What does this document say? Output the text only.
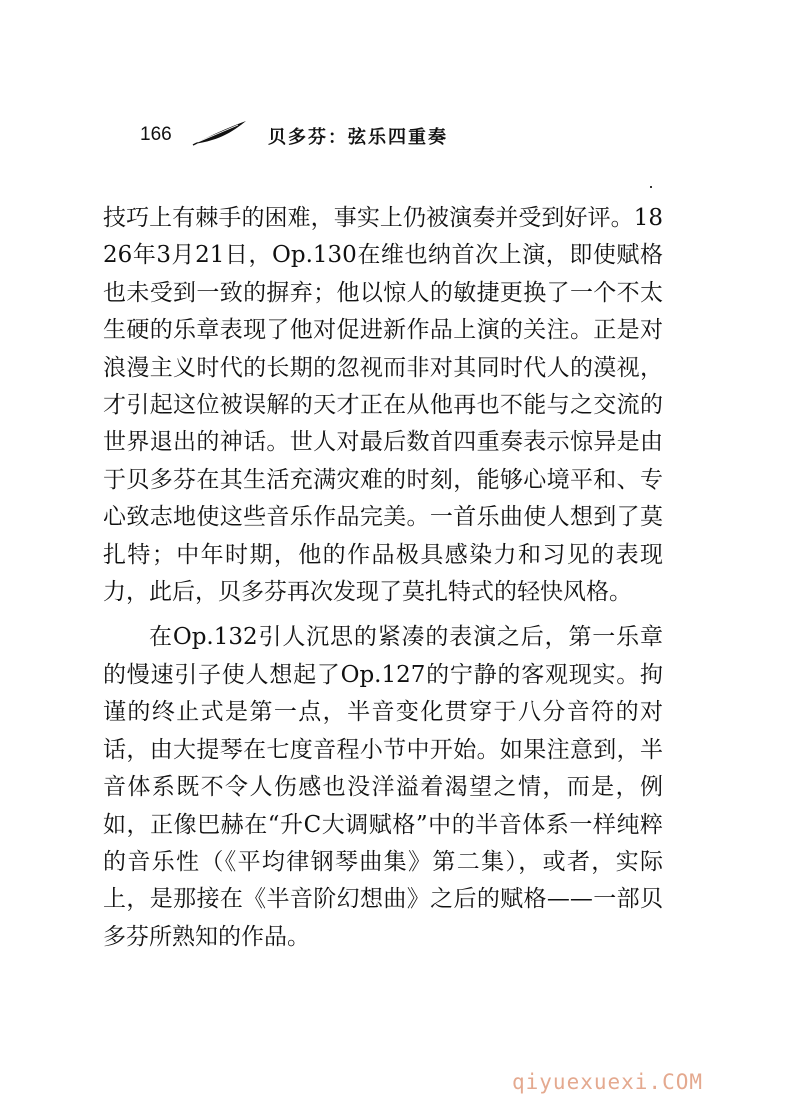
166	贝多芬：弦乐四重奏

技巧上有棘手的困难，事实上仍被演奏并受到好评。1826年3月21日，Op.130在维也纳首次上演，即使赋格也未受到一致的摒弃；他以惊人的敏捷更换了一个不太生硬的乐章表现了他对促进新作品上演的关注。正是对浪漫主义时代的长期的忽视而非对其同时代人的漠视，才引起这位被误解的天才正在从他再也不能与之交流的世界退出的神话。世人对最后数首四重奏表示惊异是由于贝多芬在其生活充满灾难的时刻，能够心境平和、专心致志地使这些音乐作品完美。一首乐曲使人想到了莫扎特；中年时期，他的作品极具感染力和习见的表现力，此后，贝多芬再次发现了莫扎特式的轻快风格。

在Op.132引人沉思的紧凑的表演之后，第一乐章的慢速引子使人想起了Op.127的宁静的客观现实。拘谨的终止式是第一点，半音变化贯穿于八分音符的对话，由大提琴在七度音程小节中开始。如果注意到，半音体系既不令人伤感也没洋溢着渴望之情，而是，例如，正像巴赫在“升C大调赋格”中的半音体系一样纯粹的音乐性（《平均律钢琴曲集》第二集），或者，实际上，是那接在《半音阶幻想曲》之后的赋格——一部贝多芬所熟知的作品。

qiyuexuexi.COM
